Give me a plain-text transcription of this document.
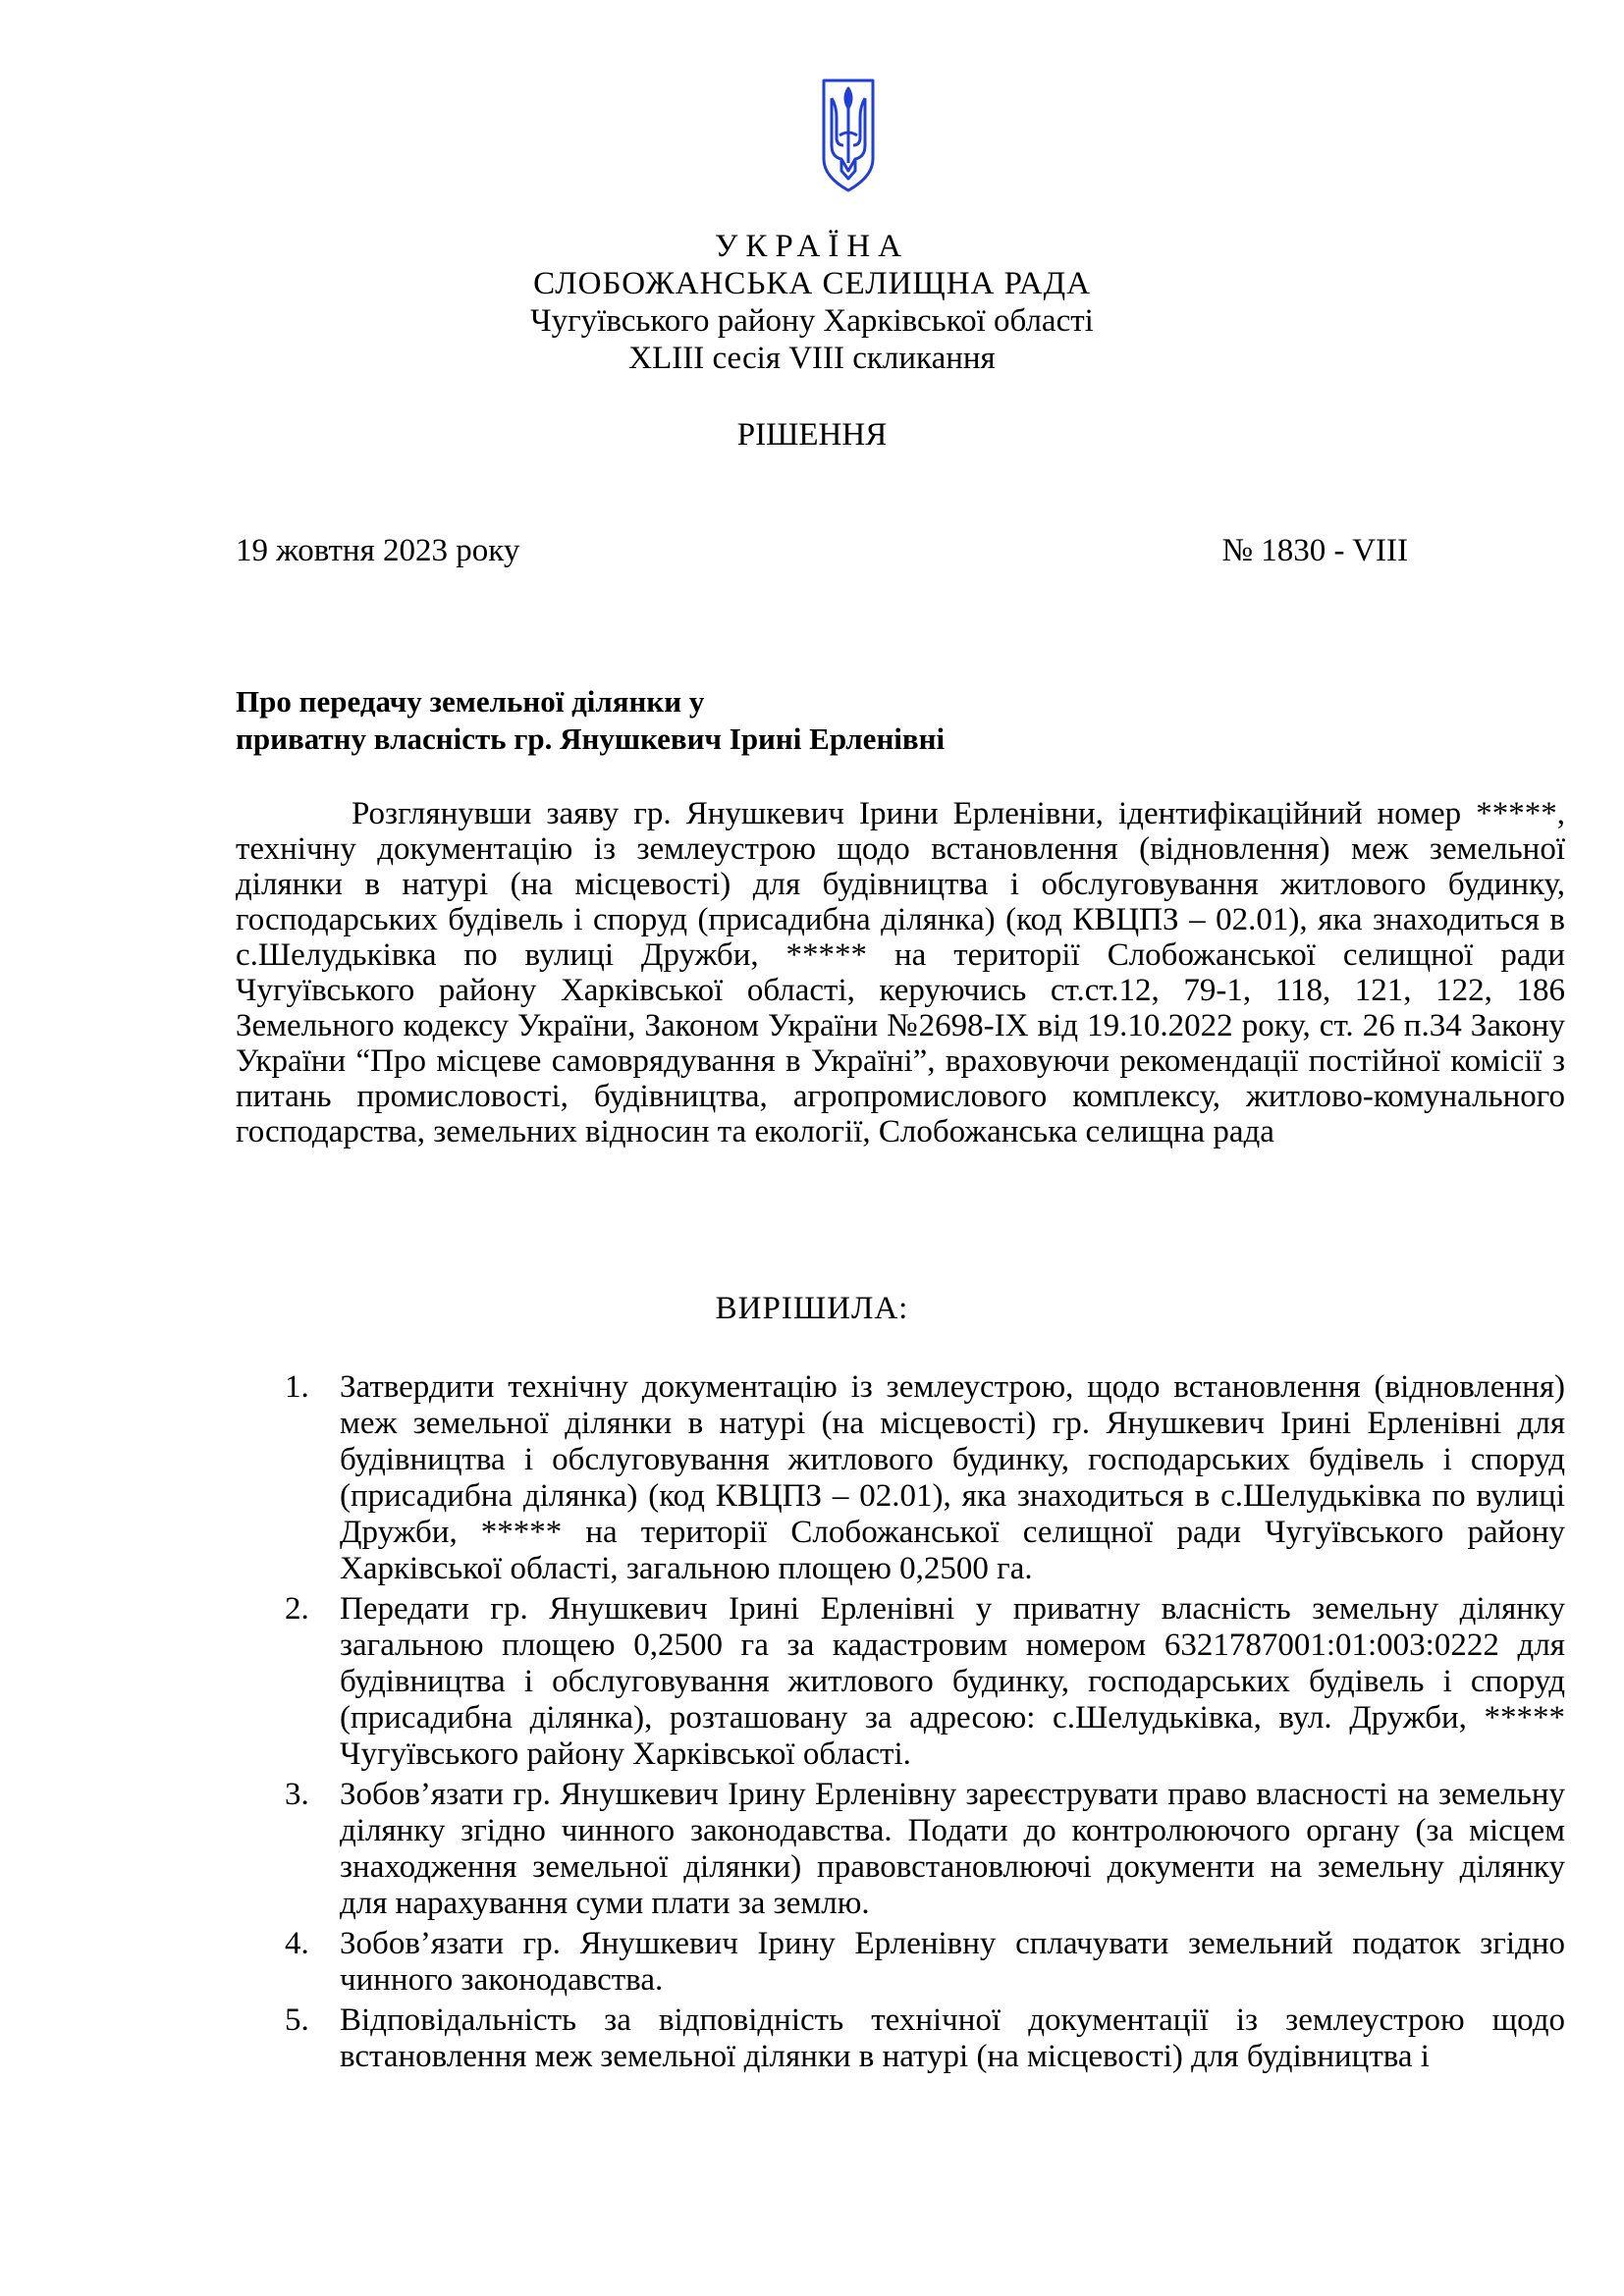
УКРАЇНА
СЛОБОЖАНСЬКА СЕЛИЩНА РАДА
Чугуївського району Харківської області
XLIII сесія VIII скликання
РІШЕННЯ
19 жовтня 2023 року	№ 1830 - VIII
Про передачу земельної ділянки у
приватну власність гр. Янушкевич Ірині Ерленівні
Розглянувши заяву гр. Янушкевич Ірини Ерленівни, ідентифікаційний номер *****, технічну документацію із землеустрою щодо встановлення (відновлення) меж земельної ділянки в натурі (на місцевості) для будівництва і обслуговування житлового будинку, господарських будівель і споруд (присадибна ділянка) (код КВЦПЗ – 02.01), яка знаходиться в с.Шелудьківка по вулиці Дружби, ***** на території Слобожанської селищної ради Чугуївського району Харківської області, керуючись ст.ст.12, 79-1, 118, 121, 122, 186 Земельного кодексу України, Законом України №2698-IX від 19.10.2022 року, ст. 26 п.34 Закону України “Про місцеве самоврядування в Україні”, враховуючи рекомендації постійної комісії з питань промисловості, будівництва, агропромислового комплексу, житлово-комунального господарства, земельних відносин та екології, Слобожанська селищна рада
ВИРІШИЛА:
1. Затвердити технічну документацію із землеустрою, щодо встановлення (відновлення) меж земельної ділянки в натурі (на місцевості) гр. Янушкевич Ірині Ерленівні для будівництва і обслуговування житлового будинку, господарських будівель і споруд (присадибна ділянка) (код КВЦПЗ – 02.01), яка знаходиться в с.Шелудьківка по вулиці Дружби, ***** на території Слобожанської селищної ради Чугуївського району Харківської області, загальною площею 0,2500 га.
2. Передати гр. Янушкевич Ірині Ерленівні у приватну власність земельну ділянку загальною площею 0,2500 га за кадастровим номером 6321787001:01:003:0222 для будівництва і обслуговування житлового будинку, господарських будівель і споруд (присадибна ділянка), розташовану за адресою: с.Шелудьківка, вул. Дружби, ***** Чугуївського району Харківської області.
3. Зобов’язати гр. Янушкевич Ірину Ерленівну зареєструвати право власності на земельну ділянку згідно чинного законодавства. Подати до контролюючого органу (за місцем знаходження земельної ділянки) правовстановлюючі документи на земельну ділянку для нарахування суми плати за землю.
4. Зобов’язати гр. Янушкевич Ірину Ерленівну сплачувати земельний податок згідно чинного законодавства.
5. Відповідальність за відповідність технічної документації із землеустрою щодо встановлення меж земельної ділянки в натурі (на місцевості) для будівництва і
